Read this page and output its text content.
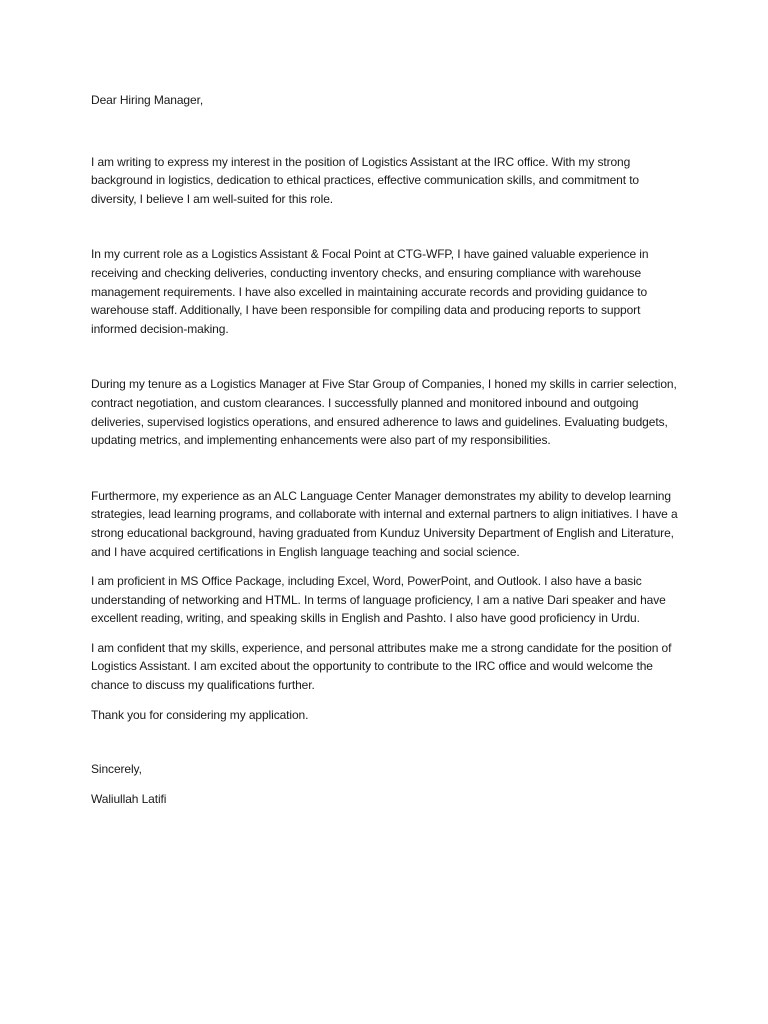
Dear Hiring Manager,

I am writing to express my interest in the position of Logistics Assistant at the IRC office. With my strong background in logistics, dedication to ethical practices, effective communication skills, and commitment to diversity, I believe I am well-suited for this role.

In my current role as a Logistics Assistant & Focal Point at CTG-WFP, I have gained valuable experience in receiving and checking deliveries, conducting inventory checks, and ensuring compliance with warehouse management requirements. I have also excelled in maintaining accurate records and providing guidance to warehouse staff. Additionally, I have been responsible for compiling data and producing reports to support informed decision-making.

During my tenure as a Logistics Manager at Five Star Group of Companies, I honed my skills in carrier selection, contract negotiation, and custom clearances. I successfully planned and monitored inbound and outgoing deliveries, supervised logistics operations, and ensured adherence to laws and guidelines. Evaluating budgets, updating metrics, and implementing enhancements were also part of my responsibilities.

Furthermore, my experience as an ALC Language Center Manager demonstrates my ability to develop learning strategies, lead learning programs, and collaborate with internal and external partners to align initiatives. I have a strong educational background, having graduated from Kunduz University Department of English and Literature, and I have acquired certifications in English language teaching and social science.

I am proficient in MS Office Package, including Excel, Word, PowerPoint, and Outlook. I also have a basic understanding of networking and HTML. In terms of language proficiency, I am a native Dari speaker and have excellent reading, writing, and speaking skills in English and Pashto. I also have good proficiency in Urdu.

I am confident that my skills, experience, and personal attributes make me a strong candidate for the position of Logistics Assistant. I am excited about the opportunity to contribute to the IRC office and would welcome the chance to discuss my qualifications further.

Thank you for considering my application.

Sincerely,

Waliullah Latifi
